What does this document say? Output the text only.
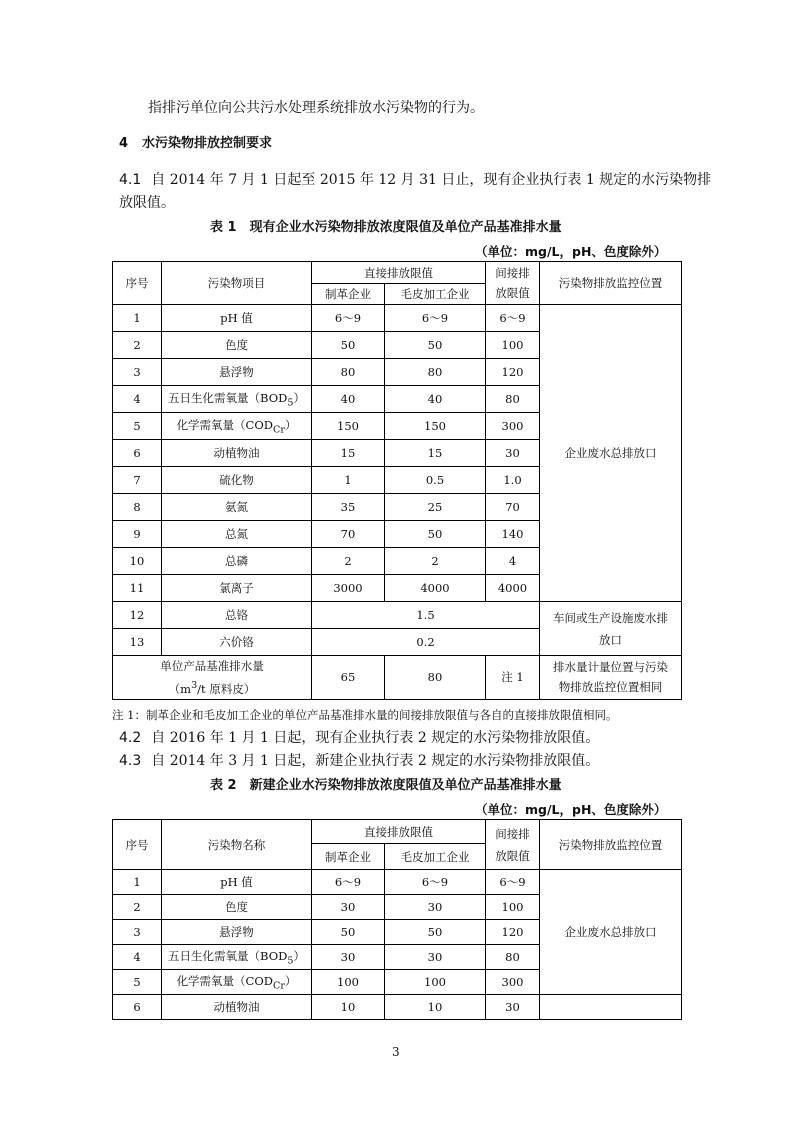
指排污单位向公共污水处理系统排放水污染物的行为。
4 水污染物排放控制要求
4.1 自 2014 年 7 月 1 日起至 2015 年 12 月 31 日止，现有企业执行表 1 规定的水污染物排
放限值。
表 1　现有企业水污染物排放浓度限值及单位产品基准排水量
（单位：mg/L，pH、色度除外）
序号	污染物项目	直接排放限值		间接排
放限值	污染物排放监控位置
		制革企业	毛皮加工企业		
1	pH 值	6～9	6～9	6～9	企业废水总排放口
2	色度	50	50	100	
3	悬浮物	80	80	120	
4	五日生化需氧量$(BOD_5)$	40	40	80	
5	化学需氧量$(COD_{Cr})$	150	150	300	
6	动植物油	15	15	30	
7	硫化物	1	0.5	1.0	
8	氨氮	35	25	70	
9	总氮	70	50	140	
10	总磷	2	2	4	
11	氯离子	3000	4000	4000	
12	总铬	1.5			车间或生产设施废水排
放口
13	六价铬	0.2			
单位产品基准排水量
（$m^3/t$ 原料皮）		65	80	注 1	排水量计量位置与污染
物排放监控位置相同
注 1：制革企业和毛皮加工企业的单位产品基准排水量的间接排放限值与各自的直接排放限值相同。
4.2 自 2016 年 1 月 1 日起，现有企业执行表 2 规定的水污染物排放限值。
4.3 自 2014 年 3 月 1 日起，新建企业执行表 2 规定的水污染物排放限值。
表 2　新建企业水污染物排放浓度限值及单位产品基准排水量
（单位：mg/L，pH、色度除外）
序号	污染物名称	直接排放限值		间接排
放限值	污染物排放监控位置
		制革企业	毛皮加工企业		
1	pH 值	6～9	6～9	6～9	企业废水总排放口
2	色度	30	30	100	
3	悬浮物	50	50	120	
4	五日生化需氧量$(BOD_5)$	30	30	80	
5	化学需氧量$(COD_{Cr})$	100	100	300	
6	动植物油	10	10	30	
3
